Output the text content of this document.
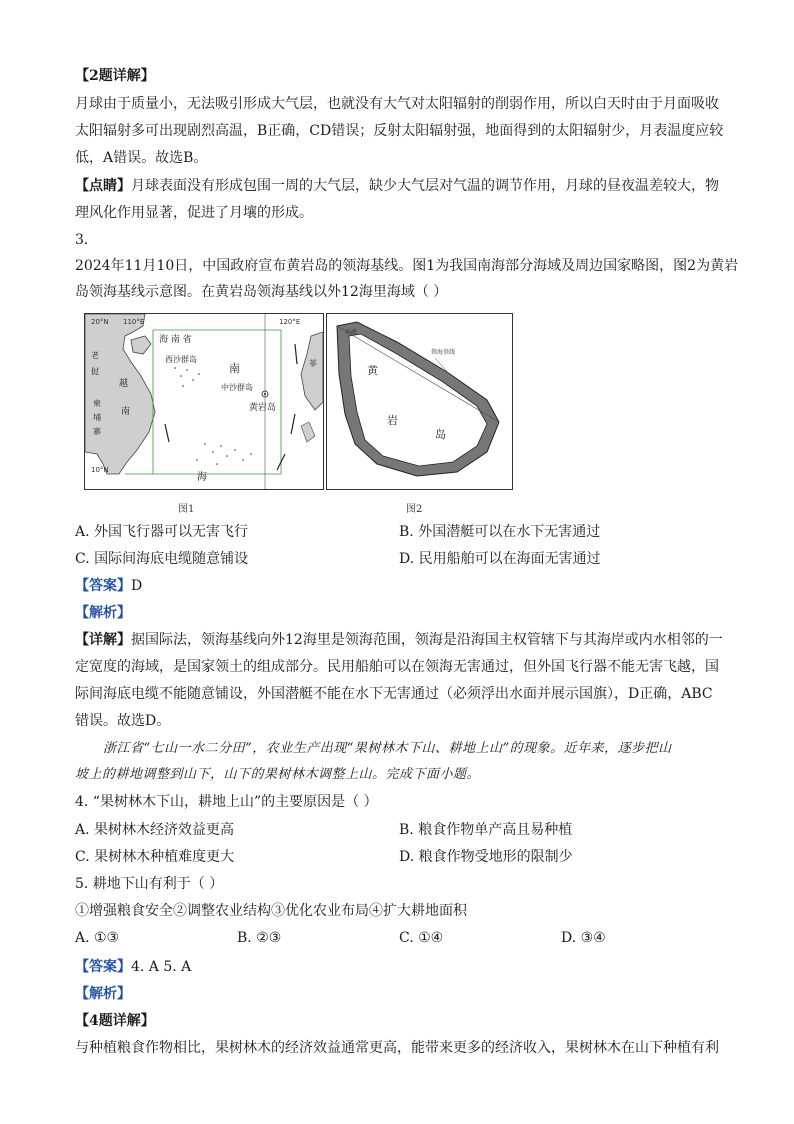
【2题详解】
月球由于质量小，无法吸引形成大气层，也就没有大气对太阳辐射的削弱作用，所以白天时由于月面吸收
太阳辐射多可出现剧烈高温，B正确，CD错误；反射太阳辐射强，地面得到的太阳辐射少，月表温度应较
低，A错误。故选B。
【点睛】月球表面没有形成包围一周的大气层，缺少大气层对气温的调节作用，月球的昼夜温差较大，物
理风化作用显著，促进了月壤的形成。
3.
2024年11月10日，中国政府宣布黄岩岛的领海基线。图1为我国南海部分海域及周边国家略图，图2为黄岩
岛领海基线示意图。在黄岩岛领海基线以外12海里海域（ ）
20°N
10°N
110°E	120°E
海 南 省
西沙群岛
南
中沙群岛
黄岩岛
老
挝
越
柬
埔
寨
南
海
菲
图1
环礁
领海基线
黄
岩
岛
图2
A. 外国飞行器可以无害飞行	B. 外国潜艇可以在水下无害通过
C. 国际间海底电缆随意铺设	D. 民用船舶可以在海面无害通过
【答案】D
【解析】
【详解】据国际法，领海基线向外12海里是领海范围，领海是沿海国主权管辖下与其海岸或内水相邻的一
定宽度的海域，是国家领土的组成部分。民用船舶可以在领海无害通过，但外国飞行器不能无害飞越，国
际间海底电缆不能随意铺设，外国潜艇不能在水下无害通过（必须浮出水面并展示国旗），D正确，ABC
错误。故选D。
浙江省“七山一水二分田”，农业生产出现“果树林木下山、耕地上山”的现象。近年来，逐步把山
坡上的耕地调整到山下，山下的果树林木调整上山。完成下面小题。
4. “果树林木下山，耕地上山”的主要原因是（ ）
A. 果树林木经济效益更高	B. 粮食作物单产高且易种植
C. 果树林木种植难度更大	D. 粮食作物受地形的限制少
5. 耕地下山有利于（ ）
①增强粮食安全②调整农业结构③优化农业布局④扩大耕地面积
A. ①③	B. ②③	C. ①④	D. ③④
【答案】4. A 5. A
【解析】
【4题详解】
与种植粮食作物相比，果树林木的经济效益通常更高，能带来更多的经济收入，果树林木在山下种植有利
